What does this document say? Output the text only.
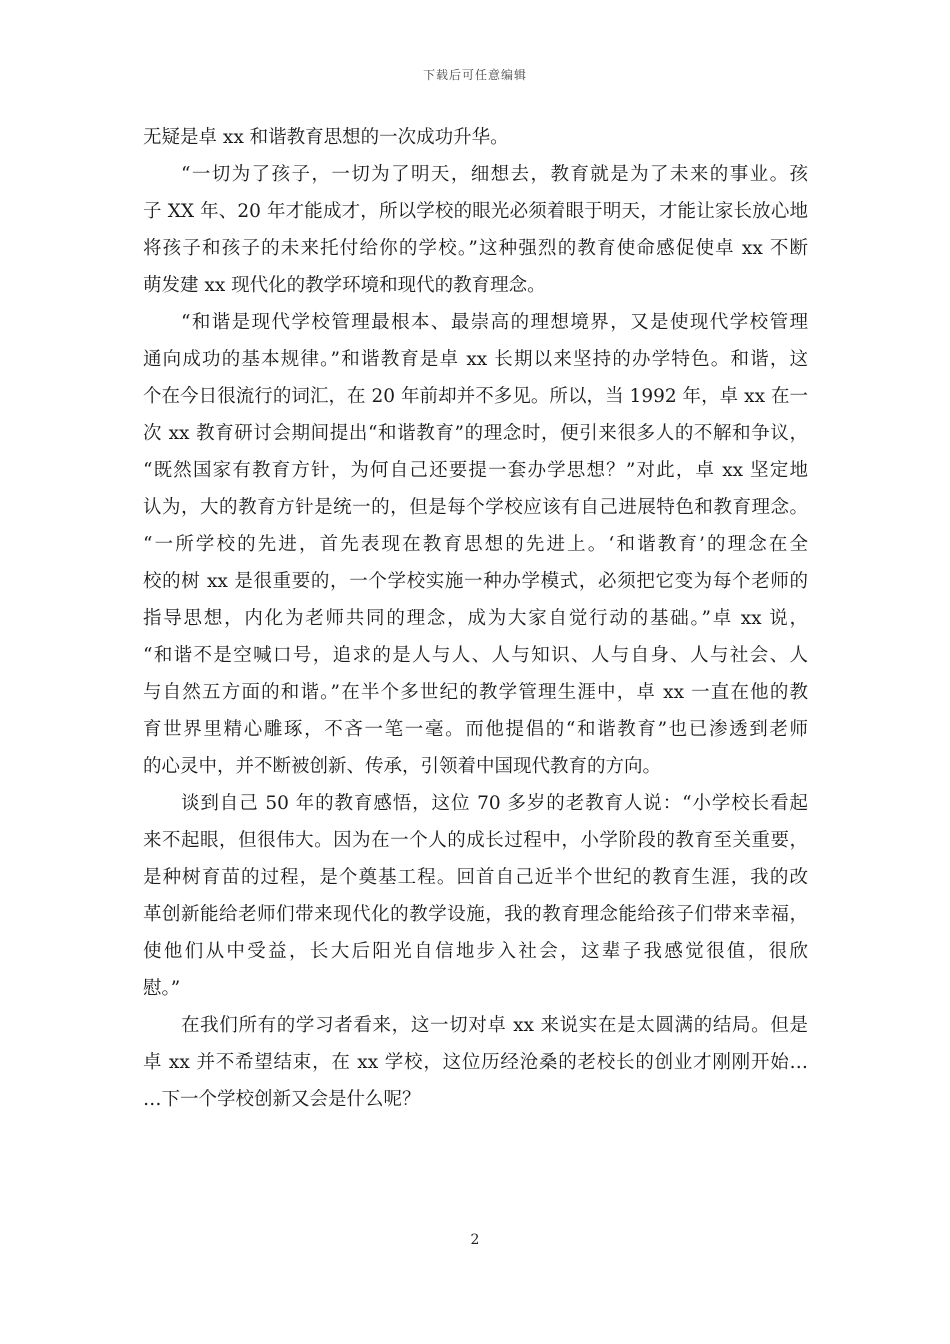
下载后可任意编辑
无疑是卓 xx 和谐教育思想的一次成功升华。
“一切为了孩子，一切为了明天，细想去，教育就是为了未来的事业。孩
子 XX 年、20 年才能成才，所以学校的眼光必须着眼于明天，才能让家长放心地
将孩子和孩子的未来托付给你的学校。”这种强烈的教育使命感促使卓 xx 不断
萌发建 xx 现代化的教学环境和现代的教育理念。
“和谐是现代学校管理最根本、最崇高的理想境界，又是使现代学校管理
通向成功的基本规律。”和谐教育是卓 xx 长期以来坚持的办学特色。和谐，这
个在今日很流行的词汇，在 20 年前却并不多见。所以，当 1992 年，卓 xx 在一
次 xx 教育研讨会期间提出“和谐教育”的理念时，便引来很多人的不解和争议，
“既然国家有教育方针，为何自己还要提一套办学思想？”对此，卓 xx 坚定地
认为，大的教育方针是统一的，但是每个学校应该有自己进展特色和教育理念。
“一所学校的先进，首先表现在教育思想的先进上。‘和谐教育’的理念在全
校的树 xx 是很重要的，一个学校实施一种办学模式，必须把它变为每个老师的
指导思想，内化为老师共同的理念，成为大家自觉行动的基础。”卓 xx 说，
“和谐不是空喊口号，追求的是人与人、人与知识、人与自身、人与社会、人
与自然五方面的和谐。”在半个多世纪的教学管理生涯中，卓 xx 一直在他的教
育世界里精心雕琢，不吝一笔一毫。而他提倡的“和谐教育”也已渗透到老师
的心灵中，并不断被创新、传承，引领着中国现代教育的方向。
谈到自己 50 年的教育感悟，这位 70 多岁的老教育人说：“小学校长看起
来不起眼，但很伟大。因为在一个人的成长过程中，小学阶段的教育至关重要，
是种树育苗的过程，是个奠基工程。回首自己近半个世纪的教育生涯，我的改
革创新能给老师们带来现代化的教学设施，我的教育理念能给孩子们带来幸福，
使他们从中受益，长大后阳光自信地步入社会，这辈子我感觉很值，很欣
慰。”
在我们所有的学习者看来，这一切对卓 xx 来说实在是太圆满的结局。但是
卓 xx 并不希望结束，在 xx 学校，这位历经沧桑的老校长的创业才刚刚开始…
…下一个学校创新又会是什么呢？
2
